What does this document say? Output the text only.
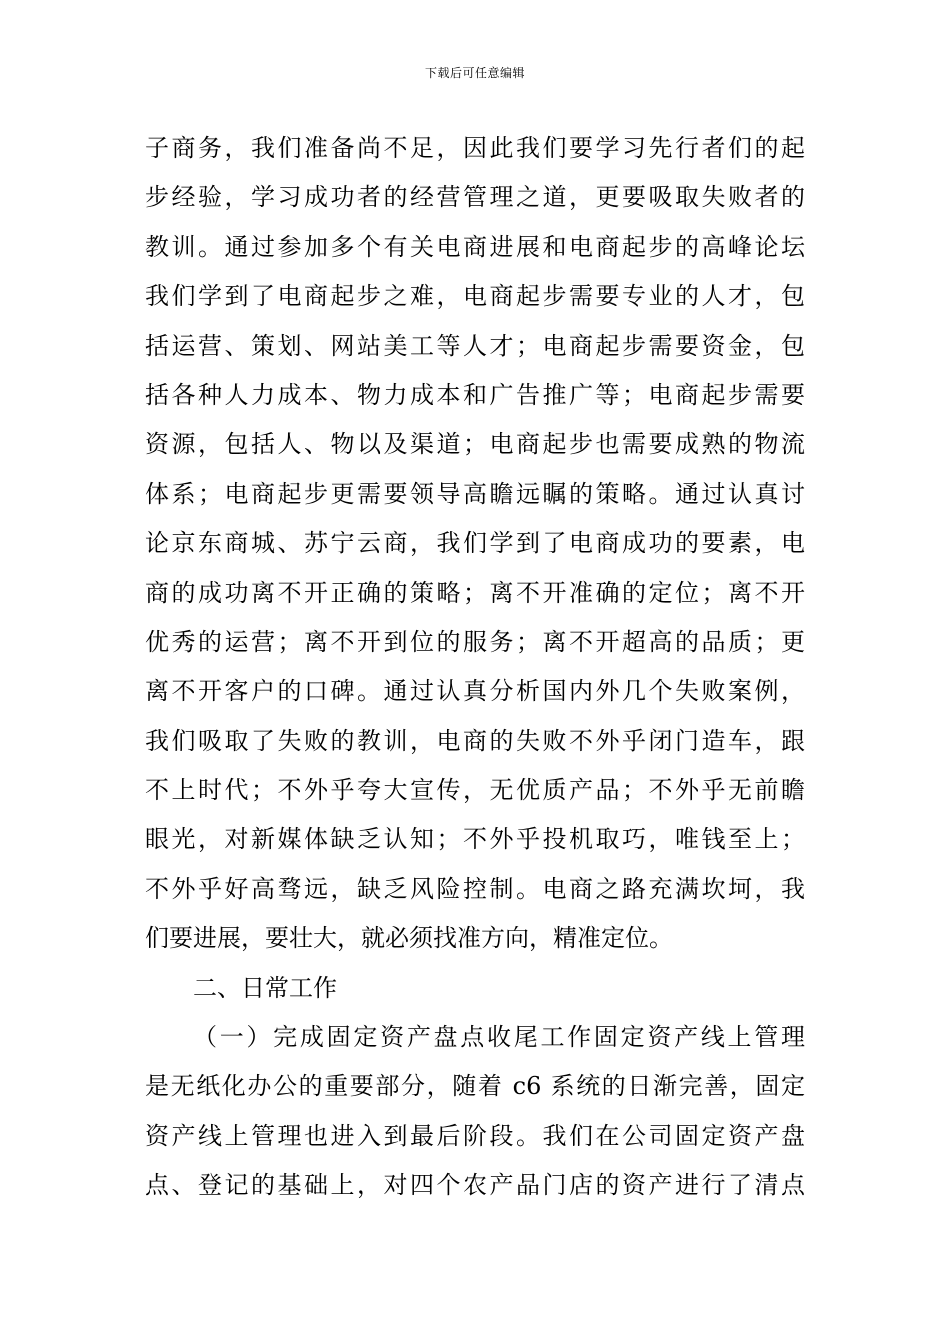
下载后可任意编辑
子商务，我们准备尚不足，因此我们要学习先行者们的起
步经验，学习成功者的经营管理之道，更要吸取失败者的
教训。通过参加多个有关电商进展和电商起步的高峰论坛
我们学到了电商起步之难，电商起步需要专业的人才，包
括运营、策划、网站美工等人才；电商起步需要资金，包
括各种人力成本、物力成本和广告推广等；电商起步需要
资源，包括人、物以及渠道；电商起步也需要成熟的物流
体系；电商起步更需要领导高瞻远瞩的策略。通过认真讨
论京东商城、苏宁云商，我们学到了电商成功的要素，电
商的成功离不开正确的策略；离不开准确的定位；离不开
优秀的运营；离不开到位的服务；离不开超高的品质；更
离不开客户的口碑。通过认真分析国内外几个失败案例，
我们吸取了失败的教训，电商的失败不外乎闭门造车，跟
不上时代；不外乎夸大宣传，无优质产品；不外乎无前瞻
眼光，对新媒体缺乏认知；不外乎投机取巧，唯钱至上；
不外乎好高骛远，缺乏风险控制。电商之路充满坎坷，我
们要进展，要壮大，就必须找准方向，精准定位。
二、日常工作
（一）完成固定资产盘点收尾工作固定资产线上管理
是无纸化办公的重要部分，随着 c6 系统的日渐完善，固定
资产线上管理也进入到最后阶段。我们在公司固定资产盘
点、登记的基础上，对四个农产品门店的资产进行了清点
